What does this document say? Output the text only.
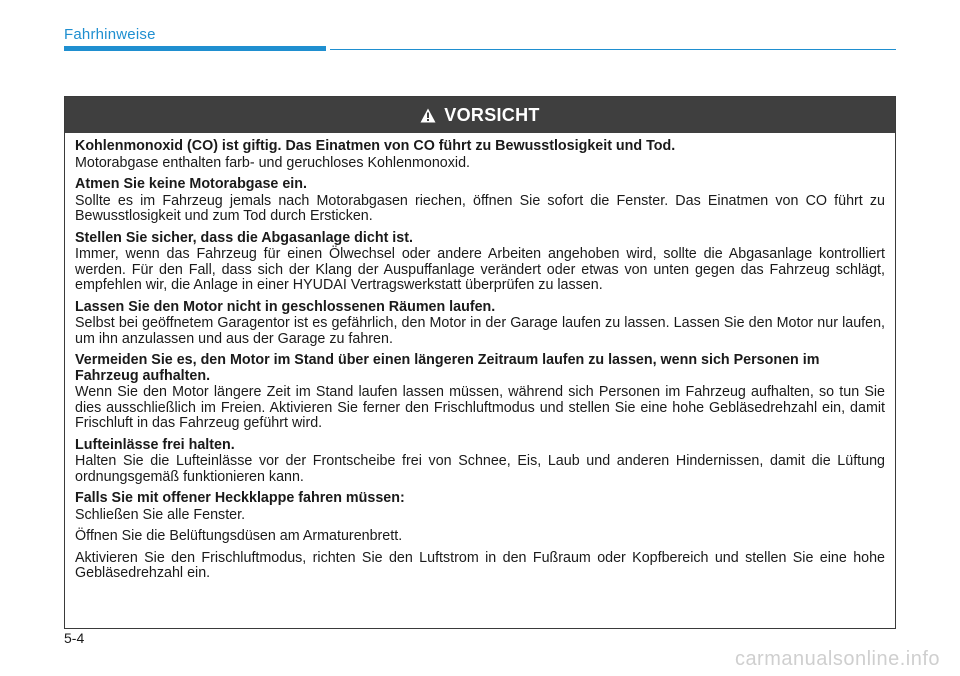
Fahrhinweise
VORSICHT
Kohlenmonoxid (CO) ist giftig. Das Einatmen von CO führt zu Bewusstlosigkeit und Tod.

Motorabgase enthalten farb- und geruchloses Kohlenmonoxid.

Atmen Sie keine Motorabgase ein.

Sollte es im Fahrzeug jemals nach Motorabgasen riechen, öffnen Sie sofort die Fenster. Das Einatmen von CO führt zu Bewusstlosigkeit und zum Tod durch Ersticken.

Stellen Sie sicher, dass die Abgasanlage dicht ist.

Immer, wenn das Fahrzeug für einen Ölwechsel oder andere Arbeiten angehoben wird, sollte die Abgasanlage kontrolliert werden. Für den Fall, dass sich der Klang der Auspuffanlage verändert oder etwas von unten gegen das Fahrzeug schlägt, empfehlen wir, die Anlage in einer HYUDAI Vertragswerkstatt überprüfen zu lassen.

Lassen Sie den Motor nicht in geschlossenen Räumen laufen.

Selbst bei geöffnetem Garagentor ist es gefährlich, den Motor in der Garage laufen zu lassen. Lassen Sie den Motor nur laufen, um ihn anzulassen und aus der Garage zu fahren.

Vermeiden Sie es, den Motor im Stand über einen längeren Zeitraum laufen zu lassen, wenn sich Personen im Fahrzeug aufhalten.

Wenn Sie den Motor längere Zeit im Stand laufen lassen müssen, während sich Personen im Fahrzeug aufhalten, so tun Sie dies ausschließlich im Freien. Aktivieren Sie ferner den Frischluftmodus und stellen Sie eine hohe Gebläsedrehzahl ein, damit Frischluft in das Fahrzeug geführt wird.

Lufteinlässe frei halten.

Halten Sie die Lufteinlässe vor der Frontscheibe frei von Schnee, Eis, Laub und anderen Hindernissen, damit die Lüftung ordnungsgemäß funktionieren kann.

Falls Sie mit offener Heckklappe fahren müssen:

Schließen Sie alle Fenster.

Öffnen Sie die Belüftungsdüsen am Armaturenbrett.

Aktivieren Sie den Frischluftmodus, richten Sie den Luftstrom in den Fußraum oder Kopfbereich und stellen Sie eine hohe Gebläsedrehzahl ein.

5-4
carmanualsonline.info
